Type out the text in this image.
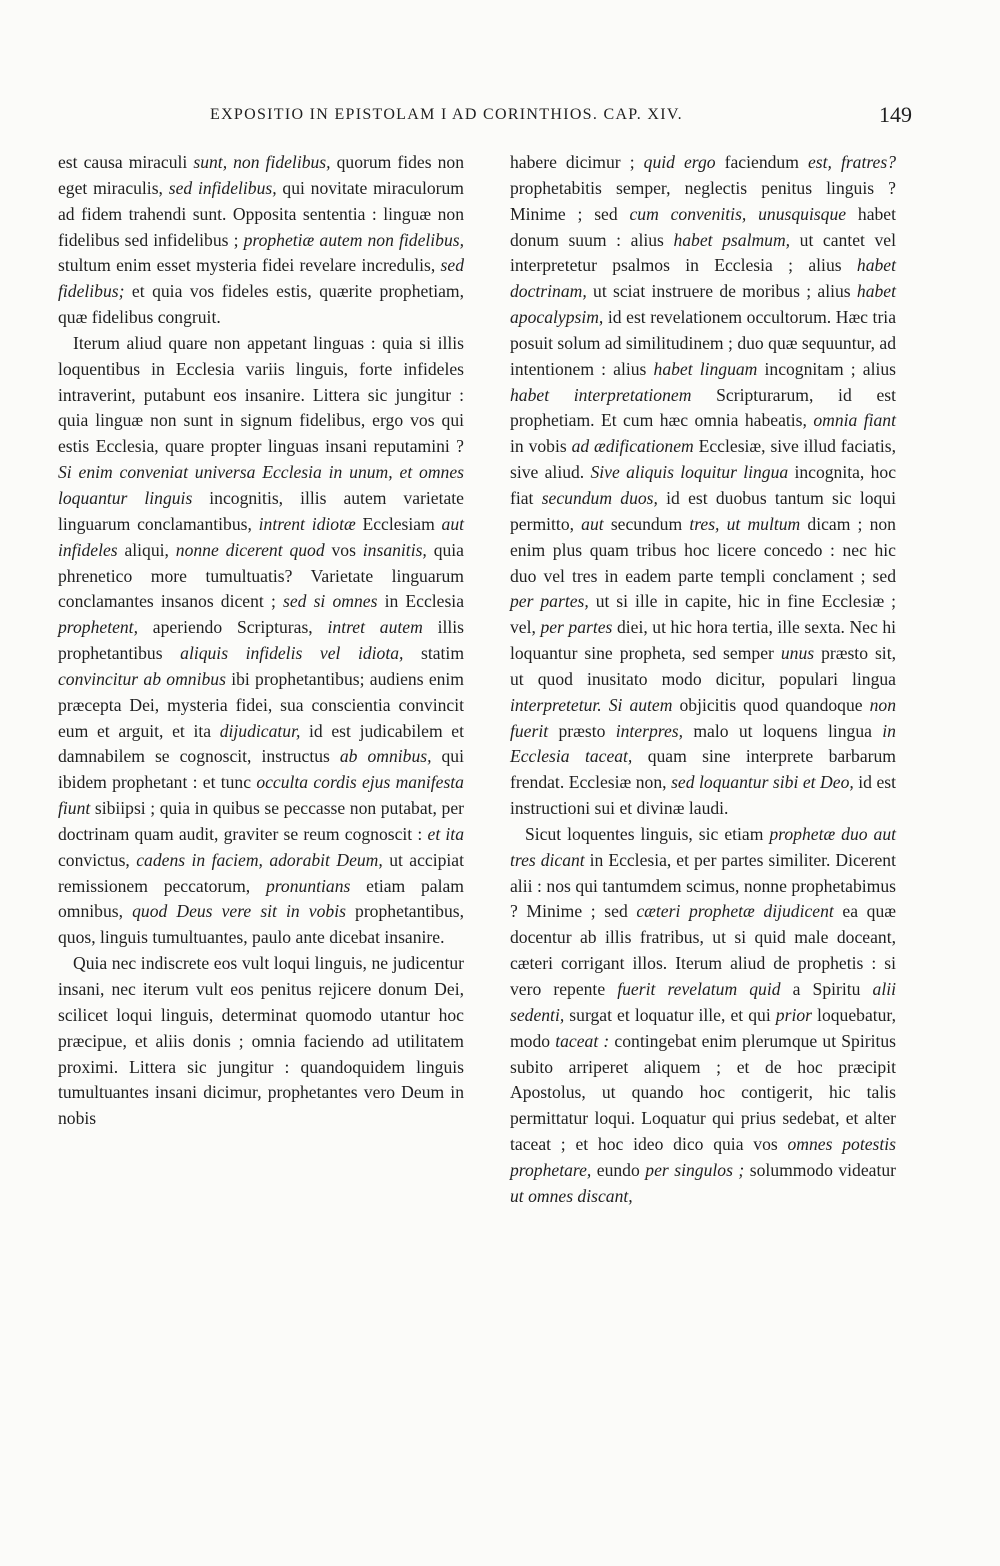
EXPOSITIO IN EPISTOLAM I AD CORINTHIOS. CAP. XIV.	149

est causa miraculi sunt, non fidelibus, quorum fides non eget miraculis, sed infidelibus, qui novitate miraculorum ad fidem trahendi sunt. Opposita sententia : linguæ non fidelibus sed infidelibus ; prophetiæ autem non fidelibus, stultum enim esset mysteria fidei revelare incredulis, sed fidelibus; et quia vos fideles estis, quærite prophetiam, quæ fidelibus congruit.

Iterum aliud quare non appetant linguas : quia si illis loquentibus in Ecclesia variis linguis, forte infideles intraverint, putabunt eos insanire. Littera sic jungitur : quia linguæ non sunt in signum fidelibus, ergo vos qui estis Ecclesia, quare propter linguas insani reputamini ? Si enim conveniat universa Ecclesia in unum, et omnes loquantur linguis incognitis, illis autem varietate linguarum conclamantibus, intrent idiotæ Ecclesiam aut infideles aliqui, nonne dicerent quod vos insanitis, quia phrenetico more tumultuatis? Varietate linguarum conclamantes insanos dicent ; sed si omnes in Ecclesia prophetent, aperiendo Scripturas, intret autem illis prophetantibus aliquis infidelis vel idiota, statim convincitur ab omnibus ibi prophetantibus; audiens enim præcepta Dei, mysteria fidei, sua conscientia convincit eum et arguit, et ita dijudicatur, id est judicabilem et damnabilem se cognoscit, instructus ab omnibus, qui ibidem prophetant : et tunc occulta cordis ejus manifesta fiunt sibiipsi ; quia in quibus se peccasse non putabat, per doctrinam quam audit, graviter se reum cognoscit : et ita convictus, cadens in faciem, adorabit Deum, ut accipiat remissionem peccatorum, pronuntians etiam palam omnibus, quod Deus vere sit in vobis prophetantibus, quos, linguis tumultuantes, paulo ante dicebat insanire.

Quia nec indiscrete eos vult loqui linguis, ne judicentur insani, nec iterum vult eos penitus rejicere donum Dei, scilicet loqui linguis, determinat quomodo utantur hoc præcipue, et aliis donis ; omnia faciendo ad utilitatem proximi. Littera sic jungitur : quandoquidem linguis tumultuantes insani dicimur, prophetantes vero Deum in nobis

habere dicimur ; quid ergo faciendum est, fratres? prophetabitis semper, neglectis penitus linguis ? Minime ; sed cum convenitis, unusquisque habet donum suum : alius habet psalmum, ut cantet vel interpretetur psalmos in Ecclesia ; alius habet doctrinam, ut sciat instruere de moribus ; alius habet apocalypsim, id est revelationem occultorum. Hæc tria posuit solum ad similitudinem ; duo quæ sequuntur, ad intentionem : alius habet linguam incognitam ; alius habet interpretationem Scripturarum, id est prophetiam. Et cum hæc omnia habeatis, omnia fiant in vobis ad ædificationem Ecclesiæ, sive illud faciatis, sive aliud. Sive aliquis loquitur lingua incognita, hoc fiat secundum duos, id est duobus tantum sic loqui permitto, aut secundum tres, ut multum dicam ; non enim plus quam tribus hoc licere concedo : nec hic duo vel tres in eadem parte templi conclament ; sed per partes, ut si ille in capite, hic in fine Ecclesiæ ; vel, per partes diei, ut hic hora tertia, ille sexta. Nec hi loquantur sine propheta, sed semper unus præsto sit, ut quod inusitato modo dicitur, populari lingua interpretetur. Si autem objicitis quod quandoque non fuerit præsto interpres, malo ut loquens lingua in Ecclesia taceat, quam sine interprete barbarum frendat. Ecclesiæ non, sed loquantur sibi et Deo, id est instructioni sui et divinæ laudi.

Sicut loquentes linguis, sic etiam prophetæ duo aut tres dicant in Ecclesia, et per partes similiter. Dicerent alii : nos qui tantumdem scimus, nonne prophetabimus ? Minime ; sed cæteri prophetæ dijudicent ea quæ docentur ab illis fratribus, ut si quid male doceant, cæteri corrigant illos. Iterum aliud de prophetis : si vero repente fuerit revelatum quid a Spiritu alii sedenti, surgat et loquatur ille, et qui prior loquebatur, modo taceat : contingebat enim plerumque ut Spiritus subito arriperet aliquem ; et de hoc præcipit Apostolus, ut quando hoc contigerit, hic talis permittatur loqui. Loquatur qui prius sedebat, et alter taceat ; et hoc ideo dico quia vos omnes potestis prophetare, eundo per singulos ; solummodo videatur ut omnes discant,
